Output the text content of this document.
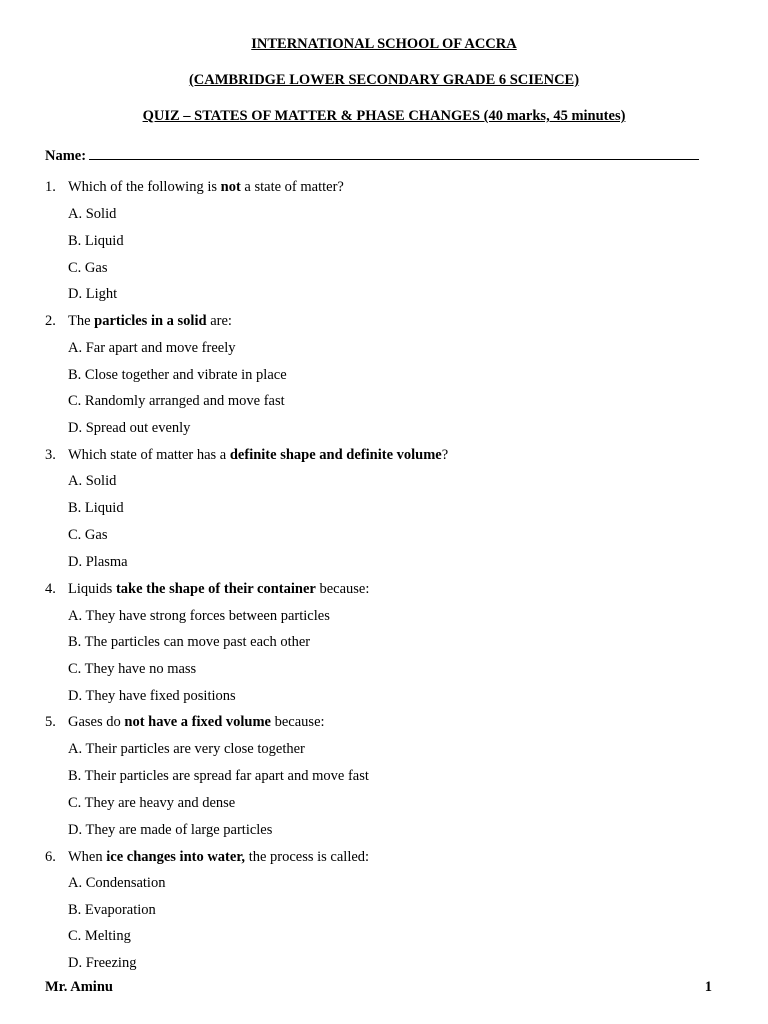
INTERNATIONAL SCHOOL OF ACCRA
(CAMBRIDGE LOWER SECONDARY GRADE 6 SCIENCE)
QUIZ – STATES OF MATTER & PHASE CHANGES (40 marks, 45 minutes)
Name:
1. Which of the following is not a state of matter?
A. Solid
B. Liquid
C. Gas
D. Light
2. The particles in a solid are:
A. Far apart and move freely
B. Close together and vibrate in place
C. Randomly arranged and move fast
D. Spread out evenly
3. Which state of matter has a definite shape and definite volume?
A. Solid
B. Liquid
C. Gas
D. Plasma
4. Liquids take the shape of their container because:
A. They have strong forces between particles
B. The particles can move past each other
C. They have no mass
D. They have fixed positions
5. Gases do not have a fixed volume because:
A. Their particles are very close together
B. Their particles are spread far apart and move fast
C. They are heavy and dense
D. They are made of large particles
6. When ice changes into water, the process is called:
A. Condensation
B. Evaporation
C. Melting
D. Freezing
Mr. Aminu	1
